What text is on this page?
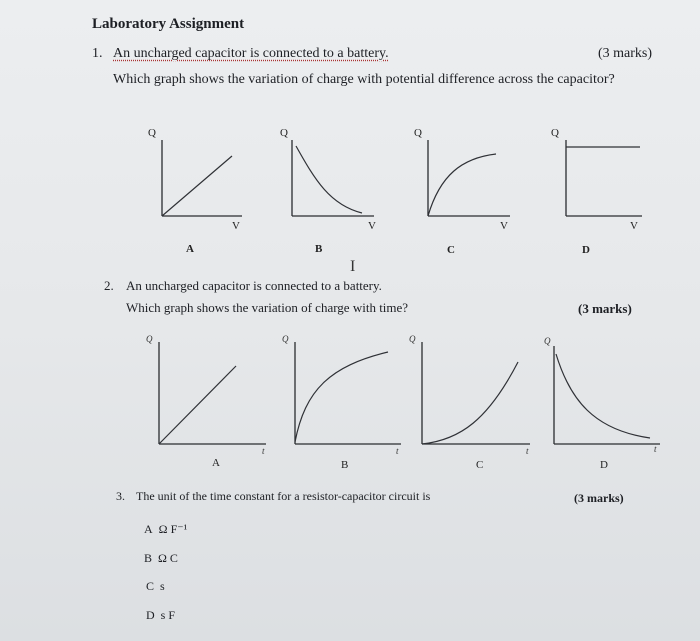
Laboratory Assignment
1. An uncharged capacitor is connected to a battery.	(3 marks)
Which graph shows the variation of charge with potential difference across the capacitor?
Q
V
A
Q
V
B
Q
V
C
Q
V
D
Q
t
A
Q
t
B
Q
t
C
Q
t
D
I
2. An uncharged capacitor is connected to a battery.
Which graph shows the variation of charge with time?	(3 marks)
3. The unit of the time constant for a resistor-capacitor circuit is	(3 marks)
A Ω F⁻¹
B Ω C
C s
D s F
